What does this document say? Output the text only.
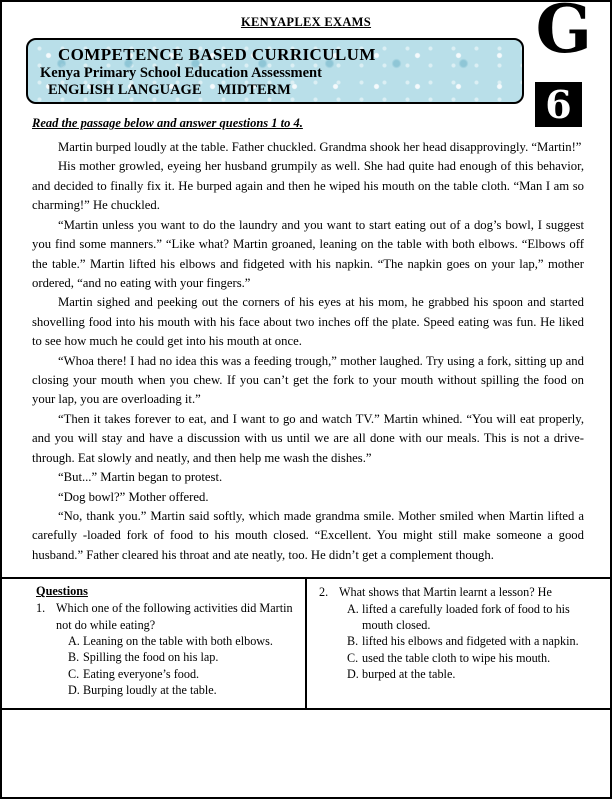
KENYAPLEX EXAMS	G
COMPETENCE BASED CURRICULUM
Kenya Primary School Education Assessment
ENGLISH LANGUAGE MIDTERM	6
Read the passage below and answer questions 1 to 4.

Martin burped loudly at the table. Father chuckled. Grandma shook her head disapprovingly. “Martin!”

His mother growled, eyeing her husband grumpily as well. She had quite had enough of this behavior, and decided to finally fix it. He burped again and then he wiped his mouth on the table cloth. “Man I am so charming!” He chuckled.

“Martin unless you want to do the laundry and you want to start eating out of a dog’s bowl, I suggest you find some manners.” “Like what? Martin groaned, leaning on the table with both elbows. “Elbows off the table.” Martin lifted his elbows and fidgeted with his napkin. “The napkin goes on your lap,” mother ordered, “and no eating with your fingers.”

Martin sighed and peeking out the corners of his eyes at his mom, he grabbed his spoon and started shovelling food into his mouth with his face about two inches off the plate. Speed eating was fun. He liked to see how much he could get into his mouth at once.

“Whoa there! I had no idea this was a feeding trough,” mother laughed. Try using a fork, sitting up and closing your mouth when you chew. If you can’t get the fork to your mouth without spilling the food on your lap, you are overloading it.”

“Then it takes forever to eat, and I want to go and watch TV.” Martin whined. “You will eat properly, and you will stay and have a discussion with us until we are all done with our meals. This is not a drive-through. Eat slowly and neatly, and then help me wash the dishes.”

“But...” Martin began to protest.

“Dog bowl?” Mother offered.

“No, thank you.” Martin said softly, which made grandma smile. Mother smiled when Martin lifted a carefully -loaded fork of food to his mouth closed. “Excellent. You might still make someone a good husband.” Father cleared his throat and ate neatly, too. He didn’t get a complement though.

Questions
1. Which one of the following activities did Martin not do while eating?
A. Leaning on the table with both elbows.
B. Spilling the food on his lap.
C. Eating everyone’s food.
D. Burping loudly at the table.
2. What shows that Martin learnt a lesson? He
A. lifted a carefully loaded fork of food to his mouth closed.
B. lifted his elbows and fidgeted with a napkin.
C. used the table cloth to wipe his mouth.
D. burped at the table.
